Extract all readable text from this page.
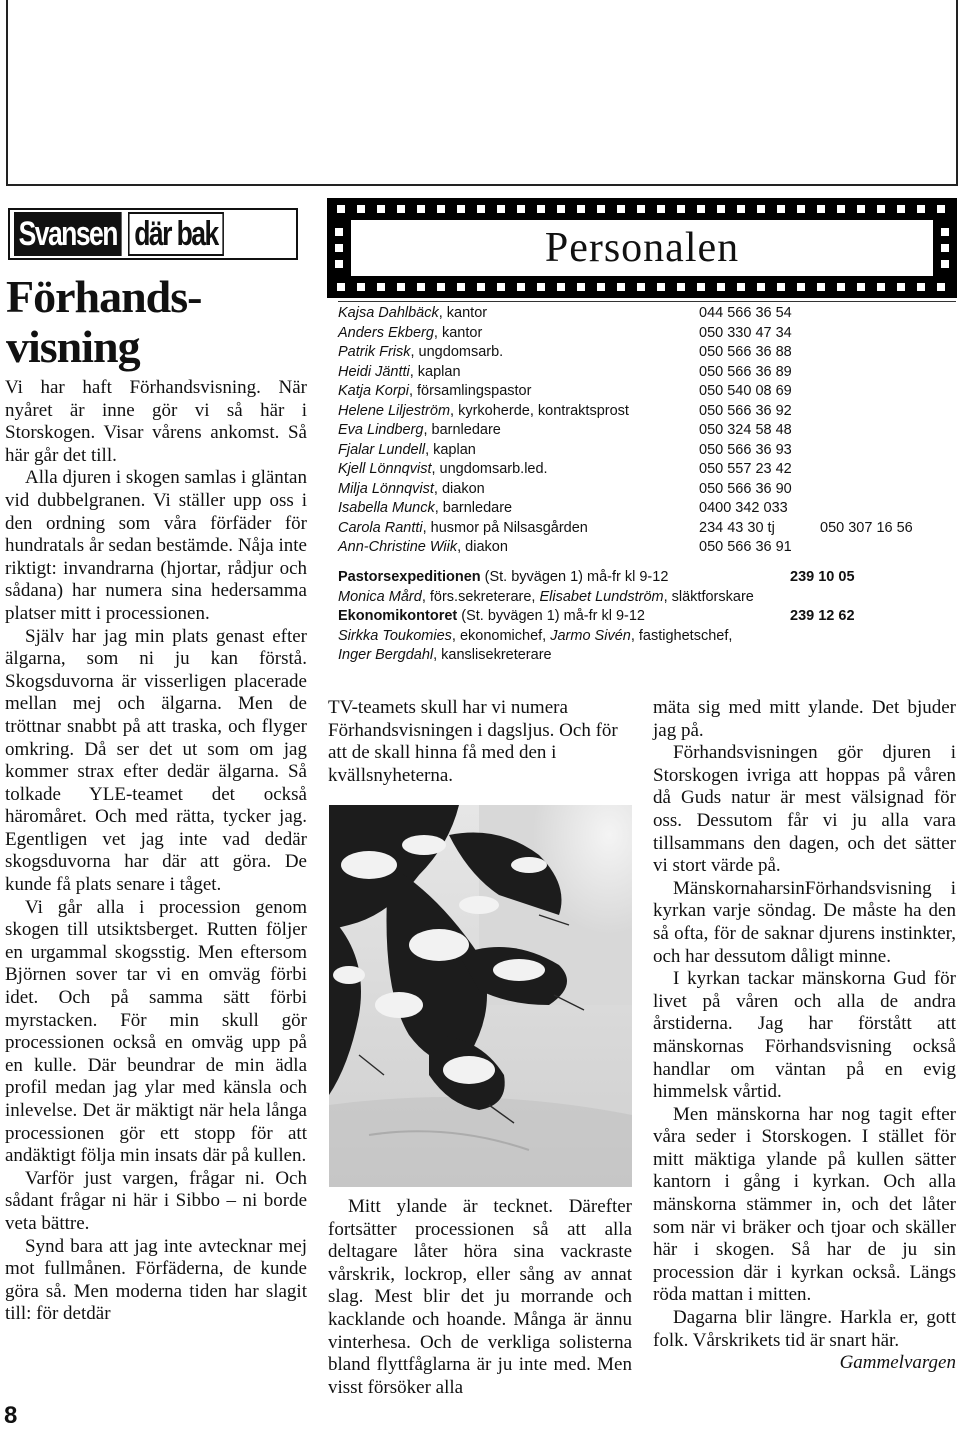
Svansen där bak
Förhands-
visning

Vi har haft Förhandsvisning. När nyåret är inne gör vi så här i Storskogen. Visar vårens ankomst. Så här går det till.

Alla djuren i skogen samlas i gläntan vid dubbelgranen. Vi ställer upp oss i den ordning som våra förfäder för hundratals år sedan bestämde. Nåja inte riktigt: invandrarna (hjortar, rådjur och sådana) har numera sina hedersamma platser mitt i processionen.

Själv har jag min plats genast efter älgarna, som ni ju kan förstå. Skogsduvorna är visserligen placerade mellan mej och älgarna. Men de tröttnar snabbt på att traska, och flyger omkring. Då ser det ut som om jag kommer strax efter dedär älgarna. Så tolkade YLE-teamet det också häromåret. Och med rätta, tycker jag. Egentligen vet jag inte vad dedär skogsduvorna har där att göra. De kunde få plats senare i tåget.

Vi går alla i procession genom skogen till utsiktsberget. Rutten följer en urgammal skogsstig. Men eftersom Björnen sover tar vi en omväg förbi idet. Och på samma sätt förbi myrstacken. För min skull gör processionen också en omväg upp på en kulle. Där beundrar de min ädla profil medan jag ylar med känsla och inlevelse. Det är mäktigt när hela långa processionen gör ett stopp för att andäktigt följa min insats där på kullen.

Varför just vargen, frågar ni. Och sådant frågar ni här i Sibbo – ni borde veta bättre.

Synd bara att jag inte avtecknar mej mot fullmånen. Förfäderna, de kunde göra så. Men moderna tiden har slagit till: för detdär

Personalen
Kajsa Dahlbäck, kantor	044 566 36 54
Anders Ekberg, kantor	050 330 47 34
Patrik Frisk, ungdomsarb.	050 566 36 88
Heidi Jäntti, kaplan	050 566 36 89
Katja Korpi, församlingspastor	050 540 08 69
Helene Liljeström, kyrkoherde, kontraktsprost	050 566 36 92
Eva Lindberg, barnledare	050 324 58 48
Fjalar Lundell, kaplan	050 566 36 93
Kjell Lönnqvist, ungdomsarb.led.	050 557 23 42
Milja Lönnqvist, diakon	050 566 36 90
Isabella Munck, barnledare	0400 342 033
Carola Rantti, husmor på Nilsasgården	234 43 30 tj	050 307 16 56
Ann-Christine Wiik, diakon	050 566 36 91
Pastorsexpeditionen (St. byvägen 1) må-fr kl 9-12	239 10 05
Monica Mård, förs.sekreterare, Elisabet Lundström, släktforskare
Ekonomikontoret (St. byvägen 1) må-fr kl 9-12	239 12 62
Sirkka Toukomies, ekonomichef, Jarmo Sivén, fastighetschef,
Inger Bergdahl, kanslisekreterare

TV-teamets skull har vi numera Förhandsvisningen i dagsljus. Och för att de skall hinna få med den i kvällsnyheterna.

Mitt ylande är tecknet. Därefter fortsätter processionen så att alla deltagare låter höra sina vackraste vårskrik, lockrop, eller sång av annat slag. Mest blir det ju morrande och kacklande och hoande. Många är ännu vinterhesa. Och de verkliga solisterna bland flyttfåglarna är ju inte med. Men visst försöker alla

mäta sig med mitt ylande. Det bjuder jag på.

Förhandsvisningen gör djuren i Storskogen ivriga att hoppas på våren då Guds natur är mest välsignad för oss. Dessutom får vi ju alla vara tillsammans den dagen, och det sätter vi stort värde på.

MänskornaharsinFörhandsvisning i kyrkan varje söndag. De måste ha den så ofta, för de saknar djurens instinkter, och har dessutom dåligt minne.

I kyrkan tackar mänskorna Gud för livet på våren och alla de andra årstiderna. Jag har förstått att mänskornas Förhandsvisning också handlar om väntan på en evig himmelsk vårtid.

Men mänskorna har nog tagit efter våra seder i Storskogen. I stället för mitt mäktiga ylande på kullen sätter kantorn i gång i kyrkan. Och alla mänskorna stämmer in, och det låter som när vi bräker och tjoar och skäller här i skogen. Så har de ju sin procession där i kyrkan också. Längs röda mattan i mitten.

Dagarna blir längre. Harkla er, gott folk. Vårskrikets tid är snart här.

Gammelvargen

8
